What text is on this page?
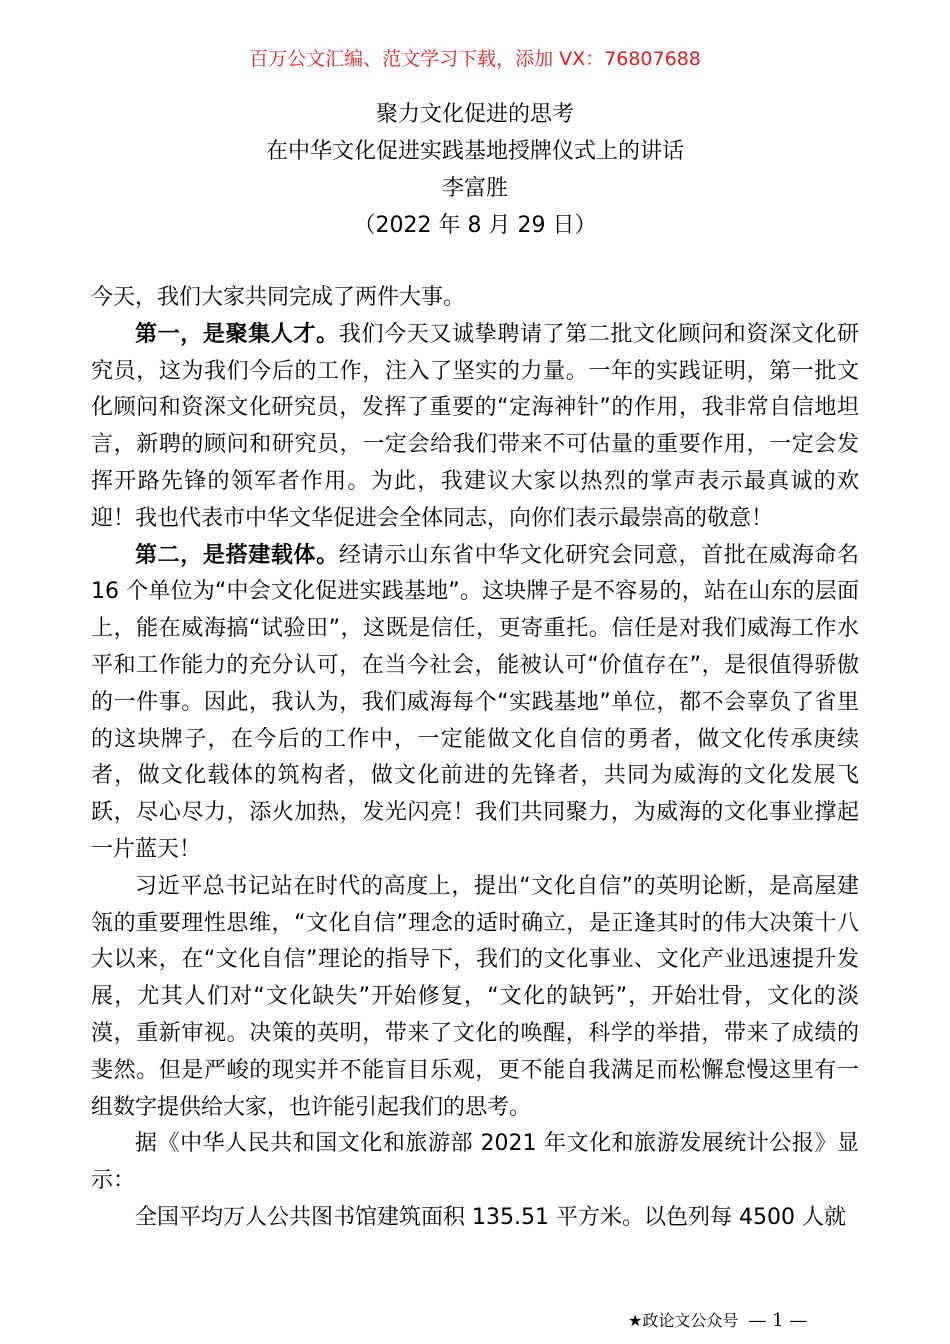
百万公文汇编、范文学习下载，添加 VX：76807688
聚力文化促进的思考
在中华文化促进实践基地授牌仪式上的讲话
李富胜
（2022 年 8 月 29 日）

今天，我们大家共同完成了两件大事。

第一，是聚集人才。我们今天又诚挚聘请了第二批文化顾问和资深文化研究员，这为我们今后的工作，注入了坚实的力量。一年的实践证明，第一批文化顾问和资深文化研究员，发挥了重要的“定海神针”的作用，我非常自信地坦言，新聘的顾问和研究员，一定会给我们带来不可估量的重要作用，一定会发挥开路先锋的领军者作用。为此，我建议大家以热烈的掌声表示最真诚的欢迎！我也代表市中华文华促进会全体同志，向你们表示最崇高的敬意！

第二，是搭建载体。经请示山东省中华文化研究会同意，首批在威海命名 16 个单位为“中会文化促进实践基地”。这块牌子是不容易的，站在山东的层面上，能在威海搞“试验田”，这既是信任，更寄重托。信任是对我们威海工作水平和工作能力的充分认可，在当今社会，能被认可“价值存在”，是很值得骄傲的一件事。因此，我认为，我们威海每个“实践基地”单位，都不会辜负了省里的这块牌子，在今后的工作中，一定能做文化自信的勇者，做文化传承庚续者，做文化载体的筑构者，做文化前进的先锋者，共同为威海的文化发展飞跃，尽心尽力，添火加热，发光闪亮！我们共同聚力，为威海的文化事业撑起一片蓝天！

习近平总书记站在时代的高度上，提出“文化自信”的英明论断，是高屋建瓴的重要理性思维，“文化自信”理念的适时确立，是正逢其时的伟大决策十八大以来，在“文化自信”理论的指导下，我们的文化事业、文化产业迅速提升发展，尤其人们对“文化缺失”开始修复，“文化的缺钙”，开始壮骨，文化的淡漠，重新审视。决策的英明，带来了文化的唤醒，科学的举措，带来了成绩的斐然。但是严峻的现实并不能盲目乐观，更不能自我满足而松懈怠慢这里有一组数字提供给大家，也许能引起我们的思考。

据《中华人民共和国文化和旅游部 2021 年文化和旅游发展统计公报》显示：

全国平均万人公共图书馆建筑面积 135.51 平方米。以色列每 4500 人就

★政论文公众号 — 1 —
